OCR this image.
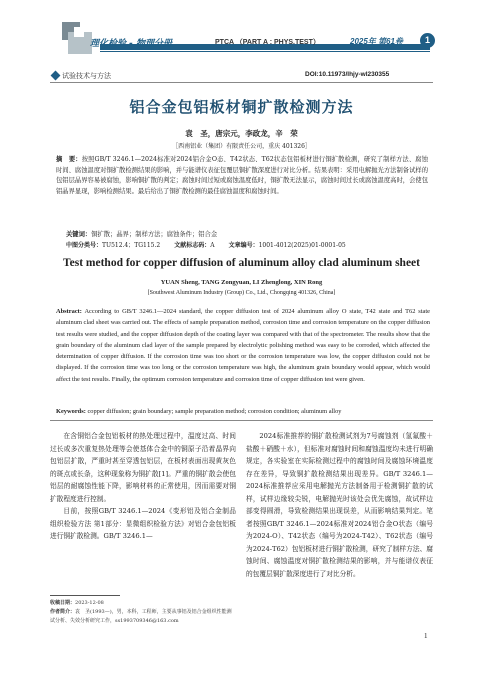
理化检验 - 物理分册	PTCA （PART A : PHYS.TEST）	2025年 第61卷	1
试验技术与方法	DOI:10.11973/lhjy-wl230355
铝合金包铝板材铜扩散检测方法
袁　圣，唐宗元，李政龙，辛　荣
［西南铝业（集团）有限责任公司，重庆 401326］
摘　要：按照GB/T 3246.1—2024标准对2024铝合金O态、T42状态、T62状态包铝板材进行铜扩散检测，研究了制样方法、腐蚀时间、腐蚀温度对铜扩散检测结果的影响，并与能谱仪表征包覆层铜扩散深度进行对比分析。结果表明：采用电解抛光方法制备试样的包铝层晶界容易被腐蚀，影响铜扩散的判定；腐蚀时间过短或腐蚀温度低时，铜扩散无法显示，腐蚀时间过长或腐蚀温度高时，会使包铝晶界显现，影响检测结果。最后给出了铜扩散检测的最佳腐蚀温度和腐蚀时间。
关键词：铜扩散；晶界；制样方法；腐蚀条件；铝合金
中图分类号：TU512.4；TG115.2 文献标志码：A 文章编号：1001-4012(2025)01-0001-05
Test method for copper diffusion of aluminum alloy clad aluminum sheet
YUAN Sheng, TANG Zongyuan, LI Zhenglong, XIN Rong
[Southwest Aluminum Industry (Group) Co., Ltd., Chongqing 401326, China]
Abstract: According to GB/T 3246.1—2024 standard, the copper diffusion test of 2024 aluminum alloy O state, T42 state and T62 state aluminum clad sheet was carried out. The effects of sample preparation method, corrosion time and corrosion temperature on the copper diffusion test results were studied, and the copper diffusion depth of the coating layer was compared with that of the spectrometer. The results show that the grain boundary of the aluminum clad layer of the sample prepared by electrolytic polishing method was easy to be corroded, which affected the determination of copper diffusion. If the corrosion time was too short or the corrosion temperature was low, the copper diffusion could not be displayed. If the corrosion time was too long or the corrosion temperature was high, the aluminum grain boundary would appear, which would affect the test results. Finally, the optimum corrosion temperature and corrosion time of copper diffusion test were given.
Keywords: copper diffusion; grain boundary; sample preparation method; corrosion condition; aluminum alloy

在含铜铝合金包铝板材的热处理过程中，温度过高、时间过长或多次重复热处理等会使基体合金中的铜原子沿着晶界向包铝层扩散，严重时甚至穿透包铝层，在板材表面出现黄灰色的斑点或长条，这种现象称为铜扩散[1]。严重的铜扩散会使包铝层的耐腐蚀性能下降，影响材料的正常使用，因而需要对铜扩散程度进行控制。

目前，按照GB/T 3246.1—2024《变形铝及铝合金制品组织检验方法 第1部分：显微组织检验方法》对铝合金包铝板进行铜扩散检测。GB/T 3246.1—

2024标准推荐的铜扩散检测试剂为7号腐蚀剂（氢氟酸＋盐酸＋硝酸＋水），但标准对腐蚀时间和腐蚀温度均未进行明确规定，各实验室在实际检测过程中的腐蚀时间及腐蚀环境温度存在差异，导致铜扩散检测结果出现差异。GB/T 3246.1—2024标准推荐应采用电解抛光方法制备用于检测铜扩散的试样，试样边缘较尖锐，电解抛光时该处会优先腐蚀，故试样边部变得圆滑，导致检测结果出现误差，从而影响结果判定。笔者按照GB/T 3246.1—2024标准对2024铝合金O状态（编号为2024-O）、T42状态（编号为2024-T42）、T62状态（编号为2024-T62）包铝板材进行铜扩散检测，研究了制样方法、腐蚀时间、腐蚀温度对铜扩散检测结果的影响，并与能谱仪表征的包覆层铜扩散深度进行了对比分析。

收稿日期：2023-12-08
作者简介：袁　圣(1993—)，男，本科，工程师，主要从事铝及铝合金组织性能测试分析、失效分析研究工作，ss1993709346@163.com
1
